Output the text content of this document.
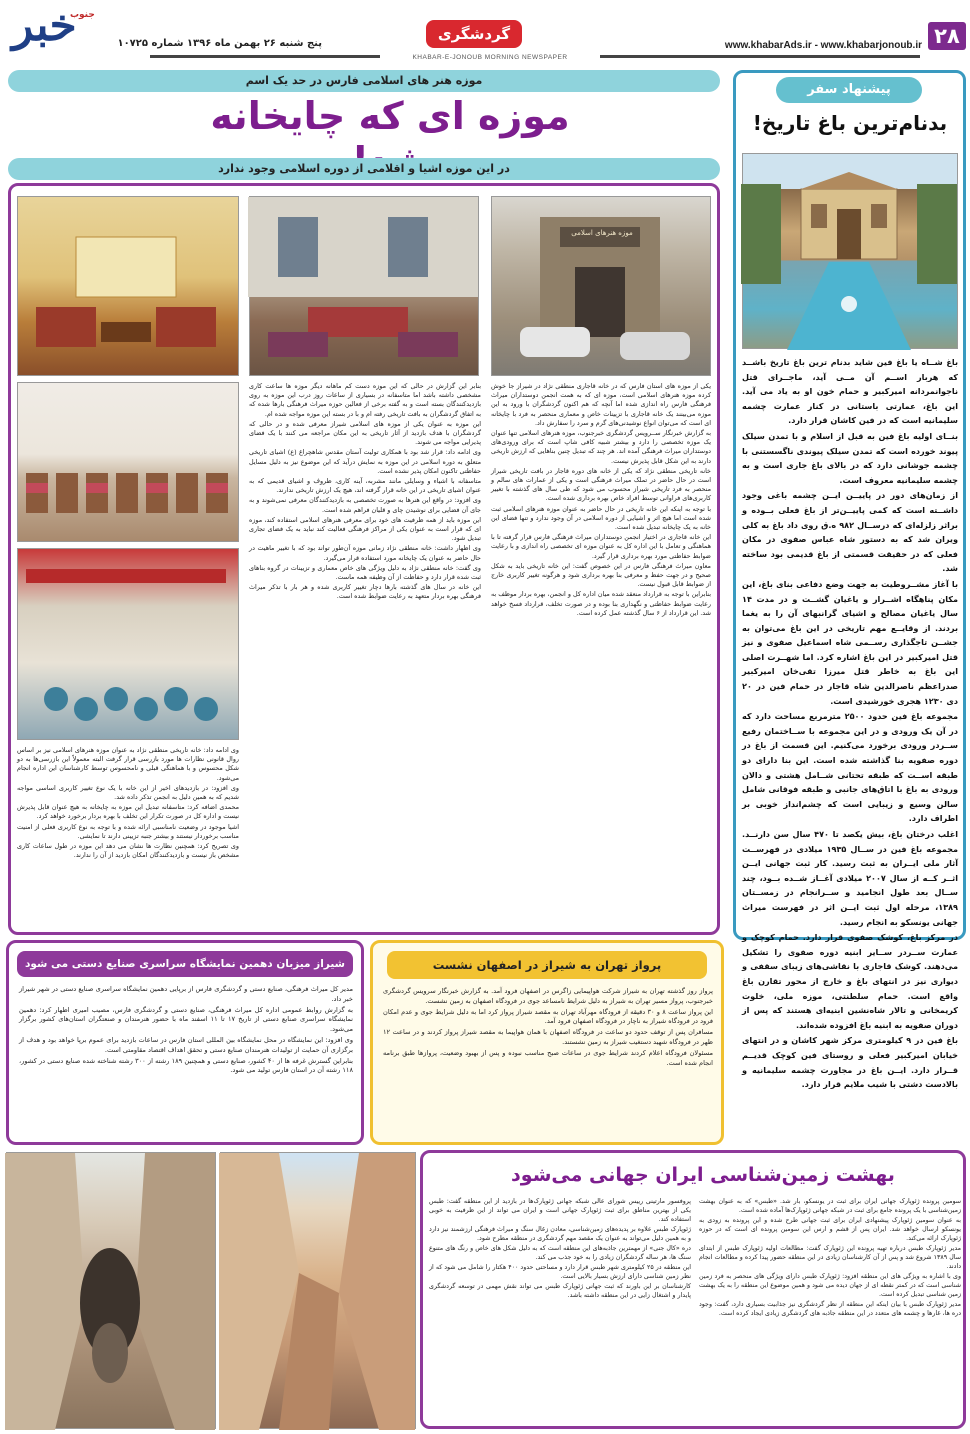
۲۸
www.khabarAds.ir - www.khabarjonoub.ir
گردشگری
KHABAR-E-JONOUB MORNING NEWSPAPER
خبر
جنوب
پنج شنبه ۲۶ بهمن ماه ۱۳۹۶ شماره ۱۰۷۲۵
پیشنهاد سفر
بدنام‌ترین باغ تاریخ!

باغ شــاه یا باغ فین شاید بدنام ترین باغ تاریخ باشــد که هربار اســم آن مــی آید، ماجــرای قتل ناجوانمردانه امیرکبیر و حمام خون او به یاد می آید. این باغ، عمارتی باستانی در کنار عمارت چشمه سلیمانیه است که در فین کاشان قرار دارد.

بنــای اولیه باغ فین به قبل از اسلام و با تمدن سیلک پیوند خورده است که تمدن سیلک پیوندی ناگسستنی با چشمه جوشانی دارد که در بالای باغ جاری است و به چشمه سلیمانیه معروف است.

از زمان‌های دور در پاییــن ایــن چشمه باغی وجود داشــته است که کمی پاییــن‌تر از باغ فعلی بــوده و براثر زلزله‌ای که درســال ۹۸۲ ه.ق روی داد باغ به کلی ویران شد که به دستور شاه عباس صفوی در مکان فعلی که در حقیقت قسمتی از باغ قدیمی بود ساخته شد.

با آغاز مشــروطیت به جهت وضع دفاعی بنای باغ، این مکان پناهگاه اشــرار و یاغیان گشــت و در مدت ۱۴ سال یاغیان مصالح و اشیای گرانبهای آن را به یغما بردند. از وقایــع مهم تاریخی در این باغ می‌توان به جشــن تاجگذاری رســمی شاه اسماعیل صفوی و نیز قتل امیرکبیر در این باغ اشاره کرد. اما شهــرت اصلی این باغ به خاطر قتل میرزا تقی‌خان امیرکبیر صدراعظم ناصرالدین شاه قاجار در حمام فین در ۲۰ دی ۱۲۳۰ هجری خورشیدی است.

مجموعه باغ فین حدود ۲۵۰۰ مترمربع مساحت دارد که در آن یک ورودی و در این مجموعه با ســاختمان رفیع ســردر ورودی برخورد می‌کنیم. این قسمت از باغ در دوره صفویه بنا گذاشته شده است. این بنا دارای دو طبقه اســت که طبقه تحتانی شــامل هشتی و دالان ورودی به باغ با اتاق‌های جانبی و طبقه فوقانی شامل سالن وسیع و زیبایی است که چشم‌انداز خوبی بر اطراف دارد.

اغلب درختان باغ، بیش یکصد تا ۴۷۰ سال سن دارنــد. مجموعه باغ فین در ســال ۱۹۳۵ میلادی در فهرســت آثار ملی ایــران به ثبت رسید. کار ثبت جهانی ایــن اثــر کــه از سال ۲۰۰۷ میلادی آغــاز شــده بــود، چند ســال بعد طول انجامید و ســرانجام در زمســتان ۱۳۸۹، مرحله اول ثبت ایــن اثر در فهرست میراث جهانی یونسکو به انجام رسید.

در مرکز باغ، کوشک صفوی قرار دارد. حمام کوچک و عمارت ســردر ســایر ابنیه دوره صفوی را تشکیل می‌دهند. کوشک قاجاری با نقاشی‌های زیبای سقفی و دیواری نیز در انتهای باغ و خارج از محور تقارن باغ واقع است. حمام سلطنتی، موزه ملی، خلوت کریمخانی و تالار شاه‌نشین ابنیه‌ای هستند که پس از دوران صفویه به ابنیه باغ افزوده شده‌اند.

باغ فین در ۹ کیلومتری مرکز شهر کاشان و در انتهای خیابان امیرکبیر فعلی و روستای فین کوچک قدیــم قــرار دارد. ایــن باغ در مجاورت چشمه سلیمانیه و بالادست دشتی با شیب ملایم قرار دارد.

موزه هنر های اسلامی فارس در حد یک اسم
موزه ای که چایخانه
در این موزه اشیا و اقلامی از دوره اسلامی وجود ندارد
موزه هنرهای اسلامی

یکی از موزه های استان فارس که در خانه قاجاری منطقی نژاد در شیراز جا خوش کرده موزه هنرهای اسلامی است، موزه ای که به همت انجمن دوستداران میراث فرهنگی فارس راه اندازی شده اما آنچه که هم اکنون گردشگران با ورود به این موزه می‌بینند یک خانه قاجاری با تزیینات خاص و معماری منحصر به فرد با چایخانه ای است که می‌توان انواع نوشیدنی‌های گرم و سرد را سفارش داد.

به گزارش خبرنگار ســرویس گردشگری خبرجنوب، موزه هنرهای اسلامی تنها عنوان یک موزه تخصصی را دارد و بیشتر شبیه کافی شاپ است که برای ورودی‌های دوستداران میراث فرهنگی آمده اند. هر چند که تبدیل چنین بناهایی که ارزش تاریخی دارند به این شکل قابل پذیرش نیست.

خانه تاریخی منطقی نژاد که یکی از خانه های دوره قاجار در بافت تاریخی شیراز است در حال حاضر در تملک میراث فرهنگی است و یکی از عمارات های سالم و منحصر به فرد تاریخی شیراز محسوب می شود که طی سال های گذشته با تغییر کاربری‌های فراوانی توسط افراد خاص بهره برداری شده است.

با توجه به اینکه این خانه تاریخی در حال حاضر به عنوان موزه هنرهای اسلامی ثبت شده است اما هیچ اثر و اشیایی از دوره اسلامی در آن وجود ندارد و تنها فضای این خانه به یک چایخانه تبدیل شده است.

این خانه قاجاری در اختیار انجمن دوستداران میراث فرهنگی فارس قرار گرفته تا با هماهنگی و تعامل با این اداره کل به عنوان موزه ای تخصصی راه اندازی و با رعایت ضوابط حفاظتی مورد بهره برداری قرار گیرد.

معاون میراث فرهنگی فارس در این خصوص گفت: این خانه تاریخی باید به شکل صحیح و در جهت حفظ و معرفی بنا بهره برداری شود و هرگونه تغییر کاربری خارج از ضوابط قابل قبول نیست.

بنابراین با توجه به قرارداد منعقد شده میان اداره کل و انجمن، بهره بردار موظف به رعایت ضوابط حفاظتی و نگهداری بنا بوده و در صورت تخلف، قرارداد فسخ خواهد شد. این قرارداد از ۶ سال گذشته عمل کرده است.

بنابر این گزارش در حالی که این موزه دست کم ماهانه دیگر موزه ها ساعت کاری مشخصی داشته باشد اما متاسفانه در بسیاری از ساعات روز درب این موزه به روی بازدیدکنندگان بسته است و به گفته برخی از فعالین حوزه میراث فرهنگی بارها شده که به اتفاق گردشگران به بافت تاریخی رفته ام و با در بسته این موزه مواجه شده ام.

این موزه به عنوان یکی از موزه های اسلامی شیراز معرفی شده و در حالی که گردشگران با هدف بازدید از آثار تاریخی به این مکان مراجعه می کنند با یک فضای پذیرایی مواجه می شوند.

وی ادامه داد: قرار شد بود با همکاری تولیت آستان مقدس شاهچراغ (ع) اشیای تاریخی متعلق به دوره اسلامی در این موزه به نمایش درآید که این موضوع نیز به دلیل مسایل حفاظتی تاکنون امکان پذیر نشده است.

متاسفانه با اشیاء و وسایلی مانند مشربه، آینه کاری، ظروف و اشیای قدیمی که به عنوان اشیای تاریخی در این خانه قرار گرفته اند، هیچ یک ارزش تاریخی ندارند.

وی افزود: در واقع این هنرها به صورت تخصصی به بازدیدکنندگان معرفی نمی‌شوند و به جای آن فضایی برای نوشیدن چای و قلیان فراهم شده است.

این موزه باید از همه ظرفیت های خود برای معرفی هنرهای اسلامی استفاده کند، موزه ای که قرار است به عنوان یکی از مراکز فرهنگی فعالیت کند نباید به یک فضای تجاری تبدیل شود.

وی اظهار داشت: خانه منطقی نژاد زمانی موزه آن‌طور تواند بود که با تغییر ماهیت در حال حاضر به عنوان یک چایخانه مورد استفاده قرار می‌گیرد.

وی گفت: خانه منطقی نژاد به دلیل ویژگی های خاص معماری و تزیینات در گروه بناهای ثبت شده قرار دارد و حفاظت از آن وظیفه همه ماست.

این خانه در سال های گذشته بارها دچار تغییر کاربری شده و هر بار با تذکر میراث فرهنگی بهره بردار متعهد به رعایت ضوابط شده است.

وی ادامه داد: خانه تاریخی منطقی نژاد به عنوان موزه هنرهای اسلامی نیز بر اساس روال قانونی نظارات ها مورد بازرسی قرار گرفت البته معمولاً این بازرسی‌ها به دو شکل محسوس و با هماهنگی قبلی و نامحسوس توسط کارشناسان این اداره انجام می‌شود.

وی افزود: در بازدیدهای اخیر از این خانه با یک نوع تغییر کاربری اساسی مواجه شدیم که به همین دلیل به انجمن تذکر داده شد.

محمدی اضافه کرد: متاسفانه تبدیل این موزه به چایخانه به هیچ عنوان قابل پذیرش نیست و اداره کل در صورت تکرار این تخلف با بهره بردار برخورد خواهد کرد.

اشیا موجود در وضعیت نامناسبی ارائه شده و با توجه به نوع کاربری فعلی از امنیت مناسب برخوردار نیستند و بیشتر جنبه تزیینی دارند تا نمایشی.

وی تصریح کرد: همچنین نظارت ها نشان می دهد این موزه در طول ساعات کاری مشخص باز نیست و بازدیدکنندگان امکان بازدید از آن را ندارند.

پرواز تهران به شیراز در اصفهان نشست

پرواز روز گذشته تهران به شیراز شرکت هواپیمایی زاگرس در اصفهان فرود آمد. به گزارش خبرنگار سرویس گردشگری خبرجنوب، پرواز مسیر تهران به شیراز به دلیل شرایط نامساعد جوی در فرودگاه اصفهان به زمین نشست.

این پرواز ساعت ۸ و ۳۰ دقیقه از فرودگاه مهرآباد تهران به مقصد شیراز پرواز کرد اما به دلیل شرایط جوی و عدم امکان فرود در فرودگاه شیراز به ناچار در فرودگاه اصفهان فرود آمد.

مسافران پس از توقف حدود دو ساعت در فرودگاه اصفهان با همان هواپیما به مقصد شیراز پرواز کردند و در ساعت ۱۲ ظهر در فرودگاه شهید دستغیب شیراز به زمین نشستند.

مسئولان فرودگاه اعلام کردند شرایط جوی در ساعات صبح مناسب نبوده و پس از بهبود وضعیت، پروازها طبق برنامه انجام شده است.

شیراز میزبان دهمین نمایشگاه سراسری صنایع دستی می شود

مدیر کل میراث فرهنگی، صنایع دستی و گردشگری فارس از برپایی دهمین نمایشگاه سراسری صنایع دستی در شهر شیراز خبر داد.

به گزارش روابط عمومی اداره کل میراث فرهنگی، صنایع دستی و گردشگری فارس، مصیب امیری اظهار کرد: دهمین نمایشگاه سراسری صنایع دستی از تاریخ ۱۷ تا ۱۱ اسفند ماه با حضور هنرمندان و صنعتگران استان‌های کشور برگزار می‌شود.

وی افزود: این نمایشگاه در محل نمایشگاه بین المللی استان فارس در ساعات بازدید برای عموم برپا خواهد بود و هدف از برگزاری آن حمایت از تولیدات هنرمندان صنایع دستی و تحقق اهداف اقتصاد مقاومتی است.

بنابراین گسترش غرفه ها از ۴۰ کشور، صنایع دستی و همچنین ۱۸۹ رشته از ۳۰۰ رشته شناخته شده صنایع دستی در کشور، ۱۱۸ رشته آن در استان فارس تولید می شود.

بهشت زمین‌شناسی ایران جهانی می‌شود

سومین پرونده ژئوپارک جهانی ایران برای ثبت در یونسکو، بار شد. «طبس» که به عنوان بهشت زمین‌شناسی با یک پرونده جامع برای ثبت در شبکه جهانی ژئوپارک‌ها آماده شده است.

به عنوان سومین ژئوپارک پیشنهادی ایران برای ثبت جهانی طرح شده و این پرونده به زودی به یونسکو ارسال خواهد شد. ایران پس از قشم و ارس این سومین پرونده ای است که در حوزه ژئوپارک ارائه می‌کند.

مدیر ژئوپارک طبس درباره تهیه پرونده این ژئوپارک گفت: مطالعات اولیه ژئوپارک طبس از ابتدای سال ۱۳۸۹ شروع شد و پس از آن کارشناسان زیادی در این منطقه حضور پیدا کرده و مطالعات انجام دادند.

وی با اشاره به ویژگی های این منطقه افزود: ژئوپارک طبس دارای ویژگی های منحصر به فرد زمین شناسی است که در کمتر نقطه ای از جهان دیده می شود و همین موضوع این منطقه را به یک بهشت زمین شناسی تبدیل کرده است.

مدیر ژئوپارک طبس با بیان اینکه این منطقه از نظر گردشگری نیز جذابیت بسیاری دارد، گفت: وجود دره ها، غارها و چشمه های متعدد در این منطقه جاذبه های گردشگری زیادی ایجاد کرده است.

پروفسور مارتینی رییس شورای عالی شبکه جهانی ژئوپارک‌ها در بازدید از این منطقه گفت: طبس یکی از بهترین مناطق برای ثبت ژئوپارک جهانی است و ایران می تواند از این ظرفیت به خوبی استفاده کند.

ژئوپارک طبس علاوه بر پدیده‌های زمین‌شناسی، معادن زغال سنگ و میراث فرهنگی ارزشمند نیز دارد و به همین دلیل می‌تواند به عنوان یک مقصد مهم گردشگری در منطقه مطرح شود.

دره «کال جنی» از مهمترین جاذبه‌های این منطقه است که به دلیل شکل های خاص و رنگ های متنوع سنگ ها، هر ساله گردشگران زیادی را به خود جذب می کند.

این منطقه در ۲۵ کیلومتری شهر طبس قرار دارد و مساحتی حدود ۴۰۰ هکتار را شامل می شود که از نظر زمین شناسی دارای ارزش بسیار بالایی است.

کارشناسان بر این باورند که ثبت جهانی ژئوپارک طبس می تواند نقش مهمی در توسعه گردشگری پایدار و اشتغال زایی در این منطقه داشته باشد.
